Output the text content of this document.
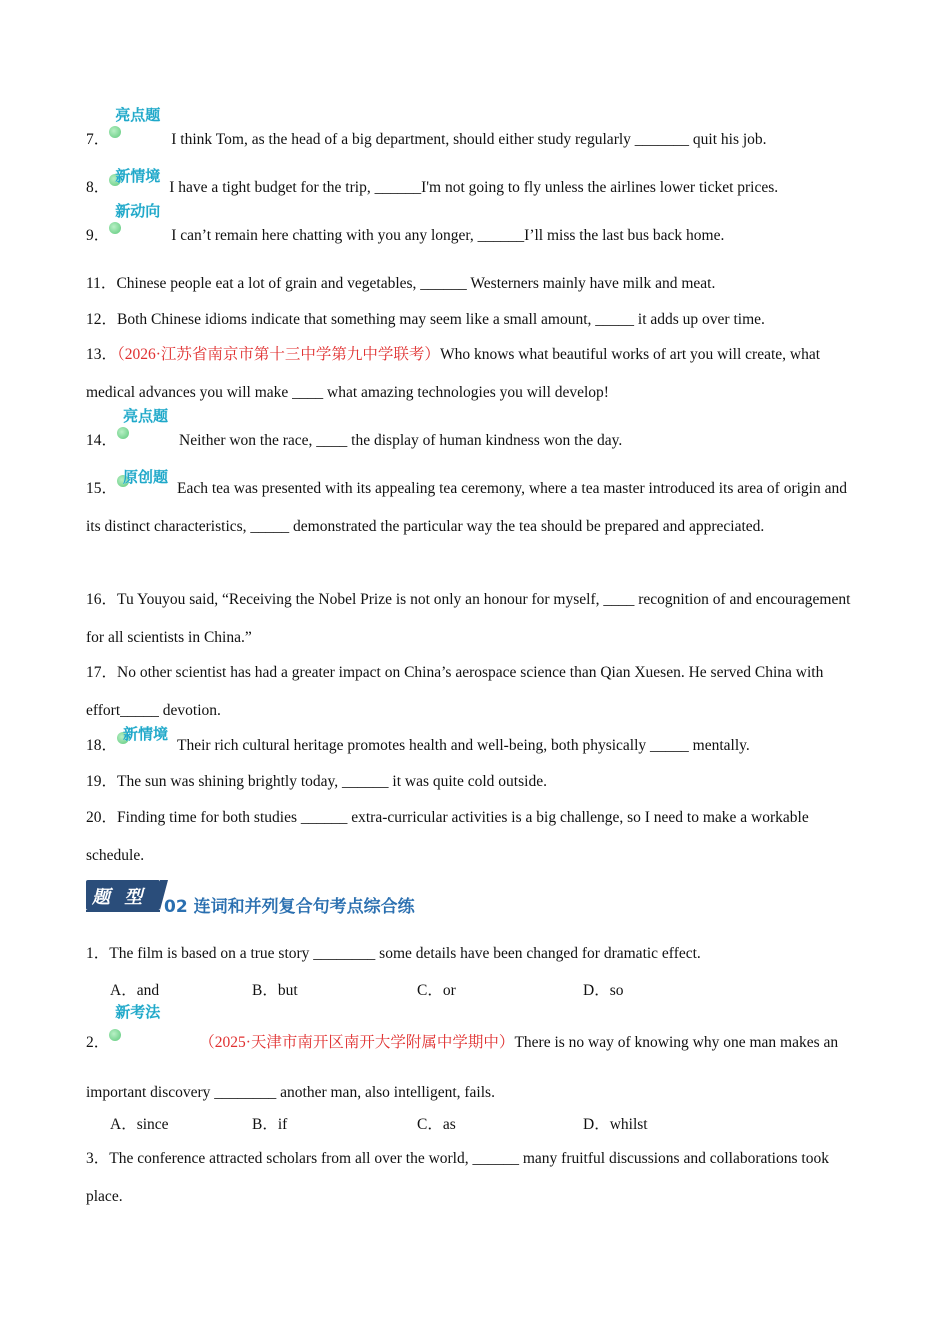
7．
亮点题
I think Tom, as the head of a big department, should either study regularly _______ quit his job.
8．
新情境
I have a tight budget for the trip, ______I'm not going to fly unless the airlines lower ticket prices.
9．
新动向
I can’t remain here chatting with you any longer, ______I’ll miss the last bus back home.
11．Chinese people eat a lot of grain and vegetables, ______ Westerners mainly have milk and meat.
12．Both Chinese idioms indicate that something may seem like a small amount, _____ it adds up over time.
13．（2026·江苏省南京市第十三中学第九中学联考）Who knows what beautiful works of art you will create, what medical advances you will make ____ what amazing technologies you will develop!
14．
亮点题
Neither won the race, ____ the display of human kindness won the day.
15．
原创题
Each tea was presented with its appealing tea ceremony, where a tea master introduced its area of origin and its distinct characteristics, _____ demonstrated the particular way the tea should be prepared and appreciated.
16．Tu Youyou said, “Receiving the Nobel Prize is not only an honour for myself, ____ recognition of and encouragement for all scientists in China.”
17．No other scientist has had a greater impact on China’s aerospace science than Qian Xuesen. He served China with effort_____ devotion.
18．
新情境
Their rich cultural heritage promotes health and well-being, both physically _____ mentally.
19．The sun was shining brightly today, ______ it was quite cold outside.
20．Finding time for both studies ______ extra-curricular activities is a big challenge, so I need to make a workable schedule.
题 型 02 连词和并列复合句考点综合练
1．The film is based on a true story ________ some details have been changed for dramatic effect.
A．and	B．but	C．or	D．so
2．
新考法
（2025·天津市南开区南开大学附属中学期中）There is no way of knowing why one man makes an important discovery ________ another man, also intelligent, fails.
A．since	B．if	C．as	D．whilst
3．The conference attracted scholars from all over the world, ______ many fruitful discussions and collaborations took place.
